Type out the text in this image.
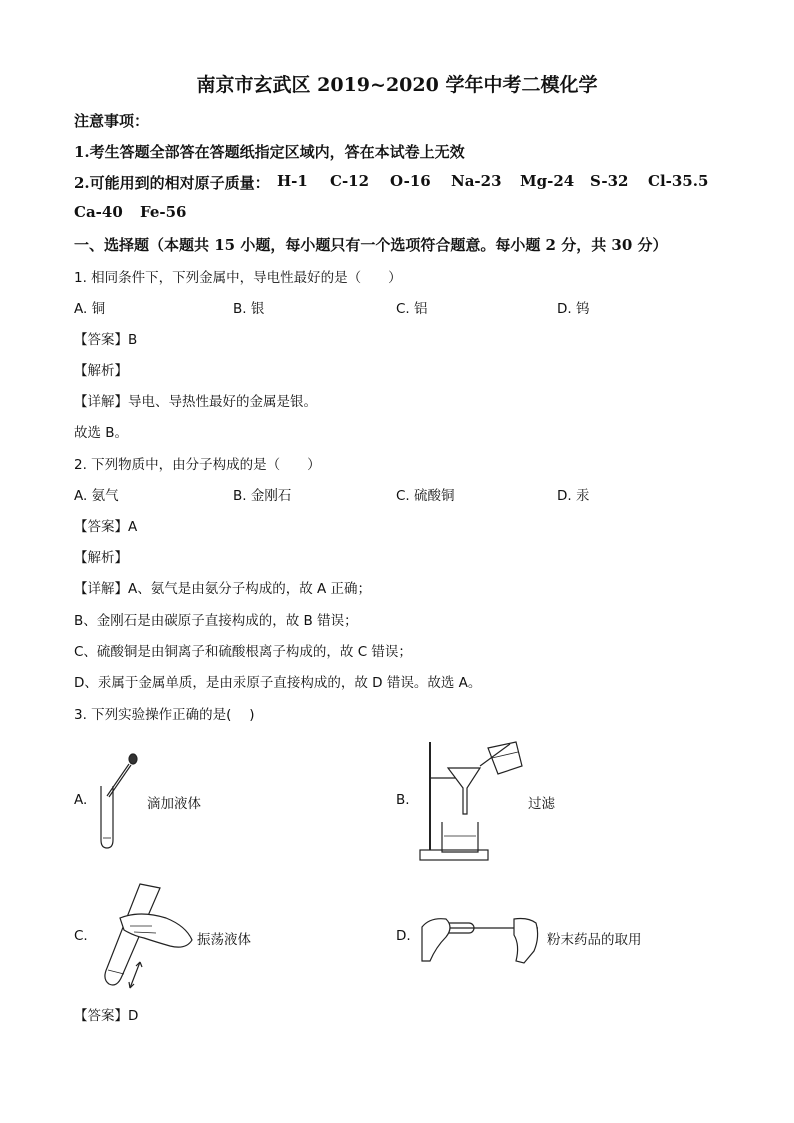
南京市玄武区 2019~2020 学年中考二模化学
注意事项：
1.考生答题全部答在答题纸指定区域内，答在本试卷上无效
2.可能用到的相对原子质量： H-1 C-12 O-16 Na-23 Mg-24 S-32 Cl-35.5
Ca-40 Fe-56
一、选择题（本题共 15 小题，每小题只有一个选项符合题意。每小题 2 分，共 30 分）
1. 相同条件下，下列金属中，导电性最好的是（　　）
A. 铜	B. 银	C. 铝	D. 钨
【答案】B
【解析】
【详解】导电、导热性最好的金属是银。
故选 B。
2. 下列物质中，由分子构成的是（　　）
A. 氨气	B. 金刚石	C. 硫酸铜	D. 汞
【答案】A
【解析】
【详解】A、氨气是由氨分子构成的，故 A 正确；
B、金刚石是由碳原子直接构成的，故 B 错误；
C、硫酸铜是由铜离子和硫酸根离子构成的，故 C 错误；
D、汞属于金属单质，是由汞原子直接构成的，故 D 错误。故选 A。
3. 下列实验操作正确的是(　 )
A.	滴加液体	B.	过滤
C.	振荡液体	D.	粉末药品的取用
【答案】D
